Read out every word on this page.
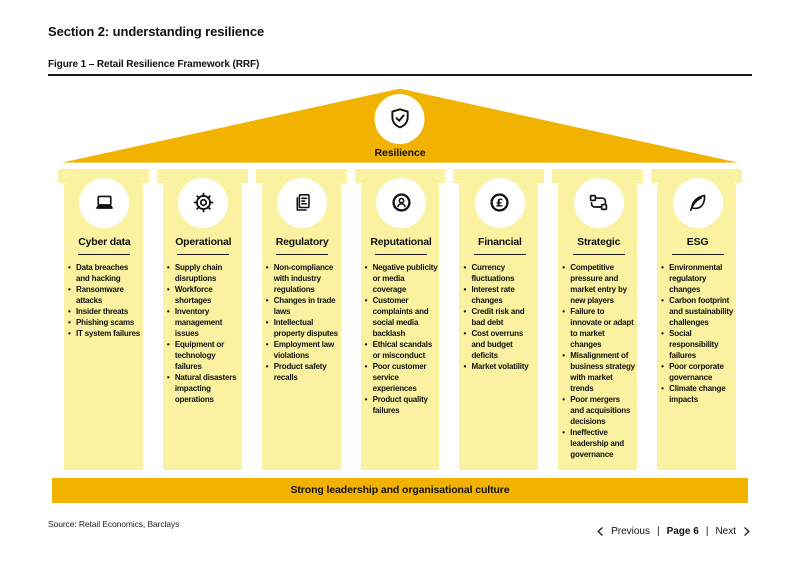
Section 2: understanding resilience
Figure 1 – Retail Resilience Framework (RRF)
Resilience
Cyber data
• Data breaches and hacking
• Ransomware attacks
• Insider threats
• Phishing scams
• IT system failures
Operational
• Supply chain disruptions
• Workforce shortages
• Inventory management issues
• Equipment or technology failures
• Natural disasters impacting operations
Regulatory
• Non-compliance with industry regulations
• Changes in trade laws
• Intellectual property disputes
• Employment law violations
• Product safety recalls
Reputational
• Negative publicity or media coverage
• Customer complaints and social media backlash
• Ethical scandals or misconduct
• Poor customer service experiences
• Product quality failures
£
Financial
• Currency fluctuations
• Interest rate changes
• Credit risk and bad debt
• Cost overruns and budget deficits
• Market volatility
Strategic
• Competitive pressure and market entry by new players
• Failure to innovate or adapt to market changes
• Misalignment of business strategy with market trends
• Poor mergers and acquisitions decisions
• Ineffective leadership and governance
ESG
• Environmental regulatory changes
• Carbon footprint and sustainability challenges
• Social responsibility failures
• Poor corporate governance
• Climate change impacts
Strong leadership and organisational culture
Source: Retail Economics, Barclays
Previous | Page 6 | Next
